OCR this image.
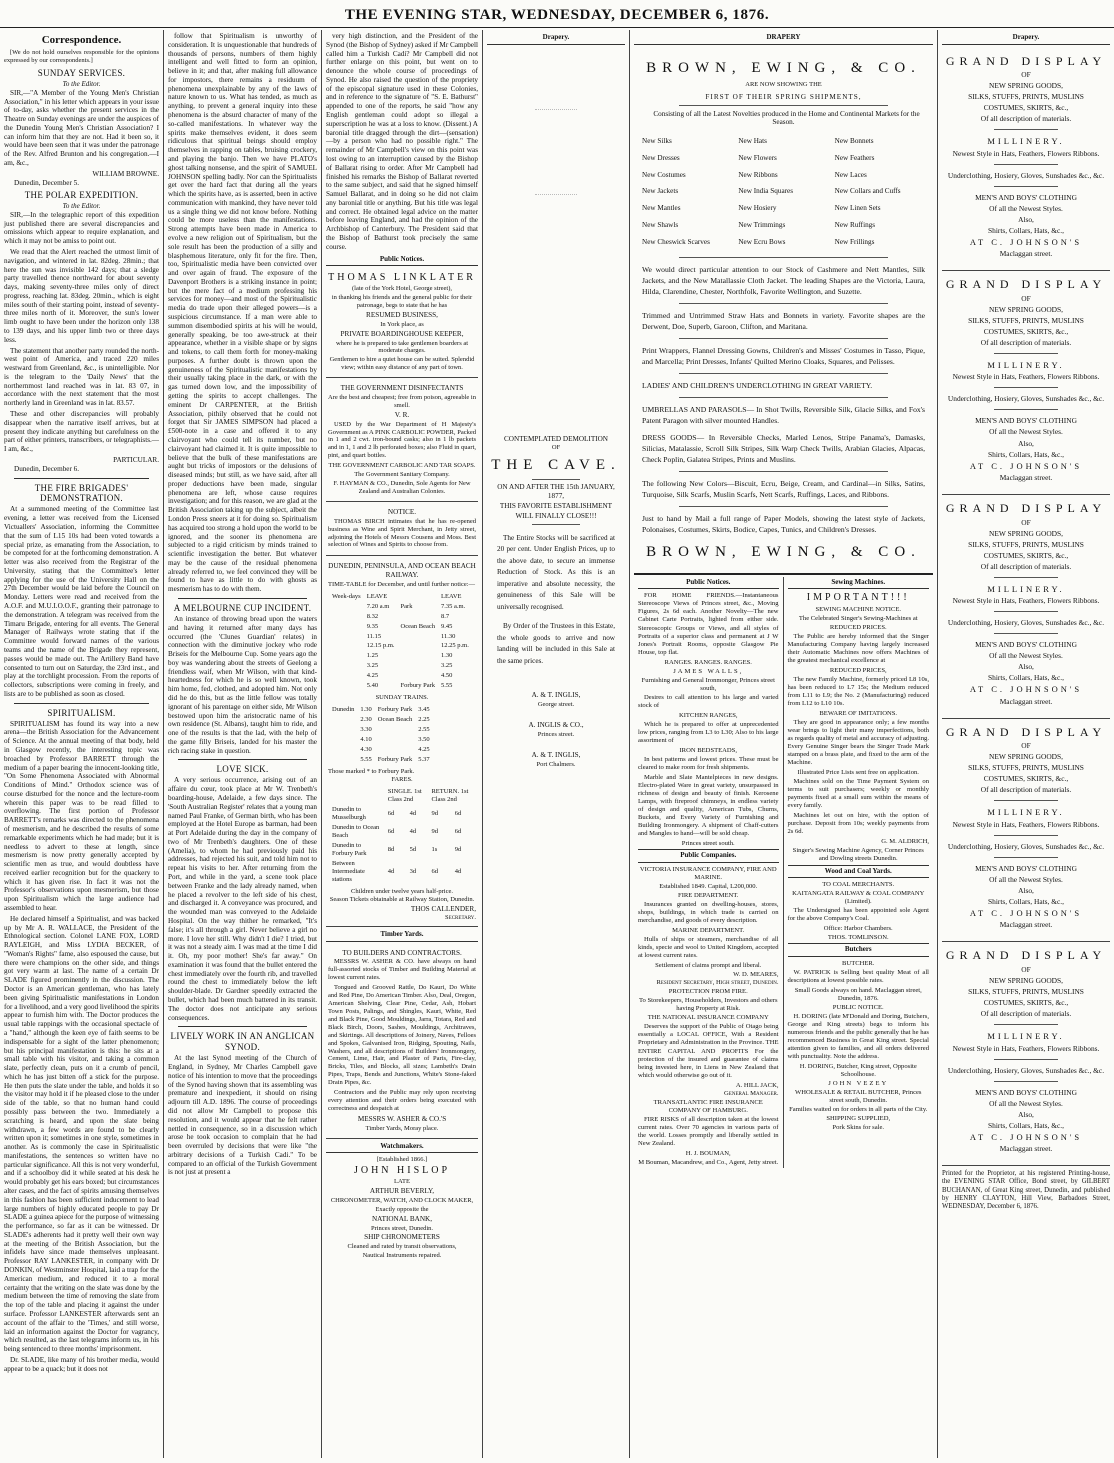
THE EVENING STAR, WEDNESDAY, DECEMBER 6, 1876.
Correspondence.

[We do not hold ourselves responsible for the opinions expressed by our correspondents.]

SUNDAY SERVICES.
To the Editor.

SIR,—"A Member of the Young Men's Christian Association," in his letter which appears in your issue of to-day, asks whether the present services in the Theatre on Sunday evenings are under the auspices of the Dunedin Young Men's Christian Association? I can inform him that they are not. Had it been so, it would have been seen that it was under the patronage of the Rev. Alfred Brunton and his congregation.—I am, &c.,

WILLIAM BROWNE.
Dunedin, December 5.
THE POLAR EXPEDITION.
To the Editor.

SIR,—In the telegraphic report of this expedition just published there are several discrepancies and omissions which appear to require explanation, and which it may not be amiss to point out.

We read that the Alert reached the utmost limit of navigation, and wintered in lat. 82deg. 28min.; that here the sun was invisible 142 days; that a sledge party travelled thence northward for about seventy days, making seventy-three miles only of direct progress, reaching lat. 83deg. 20min., which is eight miles south of their starting point, instead of seventy-three miles north of it. Moreover, the sun's lower limb ought to have been under the horizon only 138 to 139 days, and his upper limb two or three days less.

The statement that another party rounded the north-west point of America, and traced 220 miles westward from Greenland, &c., is unintelligible. Nor is the telegram to the 'Daily News' that the northernmost land reached was in lat. 83 07, in accordance with the next statement that the most northerly land in Greenland was in lat. 83.57.

These and other discrepancies will probably disappear when the narrative itself arrives, but at present they indicate anything but carefulness on the part of either printers, transcribers, or telegraphists.—I am, &c.,

PARTICULAR.
Dunedin, December 6.
THE FIRE BRIGADES' DEMONSTRATION.

At a summoned meeting of the Committee last evening, a letter was received from the Licensed Victuallers' Association, informing the Committee that the sum of L15 10s had been voted towards a special prize, as emanating from the Association, to be competed for at the forthcoming demonstration. A letter was also received from the Registrar of the University, stating that the Committee's letter applying for the use of the University Hall on the 27th December would be laid before the Council on Monday. Letters were read and received from the A.O.F. and M.U.I.O.O.F., granting their patronage to the demonstration. A telegram was received from the Timaru Brigade, entering for all events. The General Manager of Railways wrote stating that if the Committee would forward names of the various teams and the name of the Brigade they represent, passes would be made out. The Artillery Band have consented to turn out on Saturday, the 23rd inst., and play at the torchlight procession. From the reports of collectors, subscriptions were coming in freely, and lists are to be published as soon as closed.

SPIRITUALISM.

SPIRITUALISM has found its way into a new arena—the British Association for the Advancement of Science. At the annual meeting of that body, held in Glasgow recently, the interesting topic was broached by Professor BARRETT through the medium of a paper bearing the innocent-looking title, "On Some Phenomena Associated with Abnormal Conditions of Mind." Orthodox science was of course disturbed for the nonce and the lecture-room wherein this paper was to be read filled to overflowing. The first portion of Professor BARRETT's remarks was directed to the phenomena of mesmerism, and he described the results of some remarkable experiments which he had made; but it is needless to advert to these at length, since mesmerism is now pretty generally accepted by scientific men as true, and would doubtless have received earlier recognition but for the quackery to which it has given rise. In fact it was not the Professor's observations upon mesmerism, but those upon Spiritualism which the large audience had assembled to hear.

He declared himself a Spiritualist, and was backed up by Mr A. R. WALLACE, the President of the Ethnological section. Colonel LANE FOX, LORD RAYLEIGH, and Miss LYDIA BECKER, of "Woman's Rights" fame, also espoused the cause, but there were champions on the other side, and things got very warm at last. The name of a certain Dr SLADE figured prominently in the discussion. The Doctor is an American gentleman, who has lately been giving Spiritualistic manifestations in London for a livelihood, and a very good livelihood the spirits appear to furnish him with. The Doctor produces the usual table rappings with the occasional spectacle of a "hand," although the keen eye of faith seems to be indispensable for a sight of the latter phenomenon; but his principal manifestation is this: he sits at a small table with his visitor, and taking a common slate, perfectly clean, puts on it a crumb of pencil, which he has just bitten off a stick for the purpose. He then puts the slate under the table, and holds it so the visitor may hold it if he pleased close to the under side of the table, so that no human hand could possibly pass between the two. Immediately a scratching is heard, and upon the slate being withdrawn, a few words are found to be clearly written upon it; sometimes in one style, sometimes in another. As is commonly the case in Spiritualistic manifestations, the sentences so written have no particular significance. All this is not very wonderful, and if a schoolboy did it while seated at his desk he would probably get his ears boxed; but circumstances alter cases, and the fact of spirits amusing themselves in this fashion has been sufficient inducement to lead large numbers of highly educated people to pay Dr SLADE a guinea apiece for the purpose of witnessing the performance, so far as it can be witnessed. Dr SLADE's adherents had it pretty well their own way at the meeting of the British Association, but the infidels have since made themselves unpleasant. Professor RAY LANKESTER, in company with Dr DONKIN, of Westminster Hospital, laid a trap for the American medium, and reduced it to a moral certainty that the writing on the slate was done by the medium between the time of removing the slate from the top of the table and placing it against the under surface. Professor LANKESTER afterwards sent an account of the affair to the 'Times,' and still worse, laid an information against the Doctor for vagrancy, which resulted, as the last telegrams inform us, in his being sentenced to three months' imprisonment.

Dr. SLADE, like many of his brother media, would appear to be a quack; but it does not

follow that Spiritualism is unworthy of consideration. It is unquestionable that hundreds of thousands of persons, numbers of them highly intelligent and well fitted to form an opinion, believe in it; and that, after making full allowance for impostors, there remains a residuum of phenomena unexplainable by any of the laws of nature known to us. What has tended, as much as anything, to prevent a general inquiry into these phenomena is the absurd character of many of the so-called manifestations. In whatever way the spirits make themselves evident, it does seem ridiculous that spiritual beings should employ themselves in rapping on tables, bruising crockery, and playing the banjo. Then we have PLATO's ghost talking nonsense, and the spirit of SAMUEL JOHNSON spelling badly. Nor can the Spiritualists get over the hard fact that during all the years which the spirits have, as is asserted, been in active communication with mankind, they have never told us a single thing we did not know before. Nothing could be more useless than the manifestations. Strong attempts have been made in America to evolve a new religion out of Spiritualism, but the sole result has been the production of a silly and blasphemous literature, only fit for the fire. Then, too, Spiritualistic media have been convicted over and over again of fraud. The exposure of the Davenport Brothers is a striking instance in point; but the mere fact of a medium professing his services for money—and most of the Spiritualistic media do trade upon their alleged powers—is a suspicious circumstance. If a man were able to summon disembodied spirits at his will he would, generally speaking, be too awe-struck at their appearance, whether in a visible shape or by signs and tokens, to call them forth for money-making purposes. A further doubt is thrown upon the genuineness of the Spiritualistic manifestations by their usually taking place in the dark, or with the gas turned down low, and the impossibility of getting the spirits to accept challenges. The eminent Dr CARPENTER, at the British Association, pithily observed that he could not forget that Sir JAMES SIMPSON had placed a £500-note in a case and offered it to any clairvoyant who could tell its number, but no clairvoyant had claimed it. It is quite impossible to believe that the bulk of these manifestations are aught but tricks of impostors or the delusions of diseased minds; but still, as we have said, after all proper deductions have been made, singular phenomena are left, whose cause requires investigation; and for this reason, we are glad at the British Association taking up the subject, albeit the London Press sneers at it for doing so. Spiritualism has acquired too strong a hold upon the world to be ignored, and the sooner its phenomena are subjected to a rigid criticism by minds trained to scientific investigation the better. But whatever may be the cause of the residual phenomena already referred to, we feel convinced they will be found to have as little to do with ghosts as mesmerism has to do with them.

A MELBOURNE CUP INCIDENT.

An instance of throwing bread upon the waters and having it returned after many days has occurred (the 'Clunes Guardian' relates) in connection with the diminutive jockey who rode Briseis for the Melbourne Cup. Some years ago the boy was wandering about the streets of Geelong a friendless waif, when Mr Wilson, with that kind-heartedness for which he is so well known, took him home, fed, clothed, and adopted him. Not only did he do this, but as the little fellow was totally ignorant of his parentage on either side, Mr Wilson bestowed upon him the aristocratic name of his own residence (St. Albans), taught him to ride, and one of the results is that the lad, with the help of the game filly Briseis, landed for his master the rich racing stake in question.

LOVE SICK.

A very serious occurrence, arising out of an affaire du cœur, took place at Mr W. Trenbeth's boarding-house, Adelaide, a few days since. The 'South Australian Register' relates that a young man named Paul Franke, of German birth, who has been employed at the Hotel Europe as barman, had been at Port Adelaide during the day in the company of two of Mr Trenbeth's daughters. One of these (Amelia), to whom he had previously paid his addresses, had rejected his suit, and told him not to repeat his visits to her. After returning from the Port, and while in the yard, a scene took place between Franke and the lady already named, when he placed a revolver to the left side of his chest, and discharged it. A conveyance was procured, and the wounded man was conveyed to the Adelaide Hospital. On the way thither he remarked, "It's false; it's all through a girl. Never believe a girl no more. I love her still. Why didn't I die? I tried, but it was not a steady aim. I was mad at the time I did it. Oh, my poor mother! She's far away." On examination it was found that the bullet entered the chest immediately over the fourth rib, and travelled round the chest to immediately below the left shoulder-blade. Dr Gardner speedily extracted the bullet, which had been much battered in its transit. The doctor does not anticipate any serious consequences.

LIVELY WORK IN AN ANGLICAN SYNOD.

At the last Synod meeting of the Church of England, in Sydney, Mr Charles Campbell gave notice of his intention to move that the proceedings of the Synod having shown that its assembling was premature and inexpedient, it should on rising adjourn till A.D. 1896. The course of proceedings did not allow Mr Campbell to propose this resolution, and it would appear that he felt rather nettled in consequence, so in a discussion which arose he took occasion to complain that he had been overruled by decisions that were like "the arbitrary decisions of a Turkish Cadi." To be compared to an official of the Turkish Government is not just at present a

very high distinction, and the President of the Synod (the Bishop of Sydney) asked if Mr Campbell called him a Turkish Cadi? Mr Campbell did not further enlarge on this point, but went on to denounce the whole course of proceedings of Synod. He also raised the question of the propriety of the episcopal signature used in these Colonies, and in reference to the signature of "S. E. Bathurst" appended to one of the reports, he said "how any English gentleman could adopt so illegal a superscription he was at a loss to know. (Dissent.) A baronial title dragged through the dirt—(sensation)—by a person who had no possible right." The remainder of Mr Campbell's view on this point was lost owing to an interruption caused by the Bishop of Ballarat rising to order. After Mr Campbell had finished his remarks the Bishop of Ballarat reverted to the same subject, and said that he signed himself Samuel Ballarat, and in doing so he did not claim any baronial title or anything. But his title was legal and correct. He obtained legal advice on the matter before leaving England, and had the opinion of the Archbishop of Canterbury. The President said that the Bishop of Bathurst took precisely the same course.

Public Notices.
THOMAS LINKLATER
(late of the York Hotel, George street),
in thanking his friends and the general public for their patronage, begs to state that he has
RESUMED BUSINESS,
In York place, as
PRIVATE BOARDINGHOUSE KEEPER,
where he is prepared to take gentlemen boarders at moderate charges.
Gentlemen to hire a quiet house can be suited. Splendid view; within easy distance of any part of town.
THE GOVERNMENT DISINFECTANTS
Are the best and cheapest; free from poison, agreeable in smell.
V. R.

USED by the War Department of H Majesty's Government as A PINK CARBOLIC POWDER, Packed in 1 and 2 cwt. iron-bound casks; also in 1 lb packets and in 1, 1 and 2 lb perforated boxes; also Fluid in quart, pint, and quart bottles.

THE GOVERNMENT CARBOLIC AND TAR SOAPS.
The Government Sanitary Company.
F. HAYMAN & CO., Dunedin, Sole Agents for New Zealand and Australian Colonies.
NOTICE.

THOMAS BIRCH intimates that he has re-opened business as Wine and Spirit Merchant, in Jetty street, adjoining the Hotels of Messrs Cousens and Moss. Best selection of Wines and Spirits to choose from.

DUNEDIN, PENINSULA, AND OCEAN BEACH RAILWAY.
TIME-TABLE for December, and until further notice:—
Week-days	LEAVE		LEAVE
	7.20 a.m	Park	7.35 a.m.
	8.32		8.7
	9.35	Ocean Beach	9.45
	11.15		11.30
	12.15 p.m.		12.25 p.m.
	1.25		1.30
	3.25		3.25
	4.25		4.50
	5.40	Forbury Park	5.55
SUNDAY TRAINS.
Dunedin	1.30	Forbury Park	3.45
	2.30	Ocean Beach	2.25
	3.30		2.55
	4.10		3.50
	4.30		4.25
	5.55	Forbury Park	5.37
Those marked * to Forbury Park.
FARES.
	SINGLE. 1st Class 2nd		RETURN. 1st Class 2nd	
Dunedin to Musselburgh	6d	4d	9d	6d
Dunedin to Ocean Beach	6d	4d	9d	6d
Dunedin to Forbury Park	8d	5d	1s	9d
Between Intermediate stations	4d	3d	6d	4d
Children under twelve years half-price.
Season Tickets obtainable at Railway Station, Dunedin.
THOS CALLENDER,
Secretary.
Timber Yards.
TO BUILDERS AND CONTRACTORS.

MESSRS W. ASHER & CO. have always on hand full-assorted stocks of Timber and Building Material at lowest current rates.

Tongued and Grooved Rattle, Do Kauri, Do White and Red Pine, Do American Timber. Also, Deal, Oregon, American Shelving, Clear Pine, Cedar, Ash, Hobart Town Posts, Palings, and Shingles, Kauri, White, Red and Black Pine, Good Mouldings, Jarra, Totara, Red and Black Birch, Doors, Sashes, Mouldings, Architraves, and Skirtings. All descriptions of Joinery, Naves, Felloes and Spokes, Galvanised Iron, Ridging, Spouting, Nails, Washers, and all descriptions of Builders' Ironmongery, Cement, Lime, Hair, and Plaster of Paris, Fire-clay, Bricks, Tiles, and Blocks, all sizes; Lambeth's Drain Pipes, Traps, Bends and Junctions, White's Stone-faked Drain Pipes, &c.

Contractors and the Public may rely upon receiving every attention and their orders being executed with correctness and despatch at

MESSRS W. ASHER & CO.'S
Timber Yards, Moray place.
Watchmakers.
[Established 1866.]
JOHN HISLOP
LATE
ARTHUR BEVERLY,
CHRONOMETER, WATCH, AND CLOCK MAKER,
Exactly opposite the
NATIONAL BANK,
Princes street, Dunedin.
SHIP CHRONOMETERS
Cleaned and rated by transit observations,
Nautical Instruments repaired.
Drapery.
CONTEMPLATED DEMOLITION
OF
THE CAVE.
ON AND AFTER THE 15th JANUARY,
1877,
THIS FAVORITE ESTABLISHMENT
WILL FINALLY CLOSE!!!

The Entire Stocks will be sacrificed at 20 per cent. Under English Prices, up to the above date, to secure an immense Reduction of Stock. As this is an imperative and absolute necessity, the genuineness of this Sale will be universally recognised.

By Order of the Trustees in this Estate, the whole goods to arrive and now landing will be included in this Sale at the same prices.

A. & T. INGLIS,
George street.
A. INGLIS & CO.,
Princes street.
A. & T. INGLIS,
Port Chalmers.
DRAPERY
BROWN, EWING, & CO.
ARE NOW SHOWING THE
FIRST OF THEIR SPRING SHIPMENTS,

Consisting of all the Latest Novelties produced in the Home and Continental Markets for the Season.

New Silks	New Hats	New Bonnets
New Dresses	New Flowers	New Feathers
New Costumes	New Ribbons	New Laces
New Jackets	New India Squares	New Collars and Cuffs
New Mantles	New Hosiery	New Linen Sets
New Shawls	New Trimmings	New Ruffings
New Cheswick Scarves	New Ecru Bows	New Frillings
We would direct particular attention to our Stock of Cashmere and Nett Mantles, Silk Jackets, and the New Matallassie Cloth Jacket. The leading Shapes are the Victoria, Laura, Hilda, Clarendine, Chester, Northfolk, Favorite Wellington, and Suzette.
Trimmed and Untrimmed Straw Hats and Bonnets in variety. Favorite shapes are the Derwent, Doe, Superb, Garoon, Clifton, and Maritana.
Print Wrappers, Flannel Dressing Gowns, Children's and Misses' Costumes in Tasso, Pique, and Marcella; Print Dresses, Infants' Quilted Merino Cloaks, Squares, and Pelisses.
LADIES' AND CHILDREN'S UNDERCLOTHING IN GREAT VARIETY.
UMBRELLAS AND PARASOLS— In Shot Twills, Reversible Silk, Glacie Silks, and Fox's Patent Paragon with silver mounted Handles.
DRESS GOODS— In Reversible Checks, Marled Lenos, Stripe Panama's, Damasks, Silicias, Matalassie, Scroll Silk Stripes, Silk Warp Check Twills, Arabian Glacies, Alpacas, Check Poplin, Galatea Stripes, Prints and Muslins.
The following New Colors—Biscuit, Ecru, Beige, Cream, and Cardinal—in Silks, Satins, Turquoise, Silk Scarfs, Muslin Scarfs, Nett Scarfs, Ruffings, Laces, and Ribbons.
Just to hand by Mail a full range of Paper Models, showing the latest style of Jackets, Polonaises, Costumes, Skirts, Bodice, Capes, Tunics, and Children's Dresses.
BROWN, EWING, & CO.
Public Notices.

FOR HOME FRIENDS.—Instantaneous Stereoscope Views of Princes street, &c., Moving Figures, 2s 6d each. Another Novelty—The new Cabinet Carte Portraits, lighted from either side. Stereoscopic Groups or Views, and all styles of Portraits of a superior class and permanent at J W Jones's Portrait Rooms, opposite Glasgow Pie House, top flat.

RANGES. RANGES. RANGES.
JAMES WALLS,
Furnishing and General Ironmonger, Princes street south,

Desires to call attention to his large and varied stock of

KITCHEN RANGES,

Which he is prepared to offer at unprecedented low prices, ranging from L3 to L30; Also to his large assortment of

IRON BEDSTEADS,

In best patterns and lowest prices. These must be cleared to make room for fresh shipments.

Marble and Slate Mantelpieces in new designs. Electro-plated Ware in great variety, unsurpassed in richness of design and beauty of finish. Kerosene Lamps, with fireproof chimneys, in endless variety of design and quality, American Tubs, Churns, Buckets, and Every Variety of Furnishing and Building Ironmongery. A shipment of Chaff-cutters and Mangles to hand—will be sold cheap.

Princes street south.
Public Companies.
VICTORIA INSURANCE COMPANY, FIRE AND MARINE.
Established 1849. Capital, L200,000.
FIRE DEPARTMENT.

Insurances granted on dwelling-houses, stores, shops, buildings, in which trade is carried on merchandise, and goods of every description.

MARINE DEPARTMENT.

Hulls of ships or steamers, merchandise of all kinds, specie and wool to United Kingdom, accepted at lowest current rates.

Settlement of claims prompt and liberal.
W. D. MEARES,
Resident Secretary, High street, Dunedin.
PROTECTION FROM FIRE.
To Storekeepers, Householders, Investors and others having Property at Risk.
THE NATIONAL INSURANCE COMPANY

Deserves the support of the Public of Otago being essentially a LOCAL OFFICE, With a Resident Proprietary and Administration in the Province. THE ENTIRE CAPITAL AND PROFITS For the protection of the insured and guarantee of claims being invested here, in Liens in New Zealand that which would otherwise go out of it.

A. HILL JACK,
General Manager.
TRANSATLANTIC FIRE INSURANCE COMPANY OF HAMBURG.

FIRE RISKS of all description taken at the lowest current rates. Over 70 agencies in various parts of the world. Losses promptly and liberally settled in New Zealand.

H. J. BOUMAN,
M Bouman, Macandrew, and Co., Agent, Jetty street.
Sewing Machines.
IMPORTANT!!!
SEWING MACHINE NOTICE.
The Celebrated Singer's Sewing-Machines at
REDUCED PRICES.

The Public are hereby informed that the Singer Manufacturing Company having largely increased their Automatic Machines now offers Machines of the greatest mechanical excellence at

REDUCED PRICES,

The new Family Machine, formerly priced L8 10s, has been reduced to L7 15s; the Medium reduced from L11 to L9; the No. 2 (Manufacturing) reduced from L12 to L10 10s.

BEWARE OF IMITATIONS.

They are good in appearance only; a few months wear brings to light their many imperfections, both as regards quality of metal and accuracy of adjusting. Every Genuine Singer bears the Singer Trade Mark stamped on a brass plate, and fixed to the arm of the Machine.

Illustrated Price Lists sent free on application.

Machines sold on the Time Payment System on terms to suit purchasers; weekly or monthly payments fixed at a small sum within the means of every family.

Machines let out on hire, with the option of purchase. Deposit from 10s; weekly payments from 2s 6d.

G. M. ALDRICH,
Singer's Sewing Machine Agency, Corner Princes and Dowling streets Dunedin.
Wood and Coal Yards.
TO COAL MERCHANTS.
KAITANGATA RAILWAY & COAL COMPANY (Limited).

The Undersigned has been appointed sole Agent for the above Company's Coal.

Office: Harbor Chambers.
THOS. TOMLINSON.
Butchers
BUTCHER.

W. PATRICK is Selling best quality Meat of all descriptions at lowest possible rates.

Small Goods always on hand. Maclaggan street, Dunedin, 1876.
PUBLIC NOTICE.

H. DORING (late M'Donald and Doring, Butchers, George and King streets) begs to inform his numerous friends and the public generally that he has recommenced Business in Great King street. Special attention given to families, and all orders delivered with punctuality. Note the address.

H. DORING, Butcher, King street, Opposite Schoolhouse.
JOHN VEZEY
WHOLESALE & RETAIL BUTCHER, Princes street south, Dunedin.
Families waited on for orders in all parts of the City.
SHIPPING SUPPLIED,
Pork Skins for sale.
Drapery.
GRAND DISPLAY
OF
NEW SPRING GOODS,
SILKS, STUFFS, PRINTS, MUSLINS
COSTUMES, SKIRTS, &c.,
Of all description of materials.
MILLINERY.
Newest Style in Hats, Feathers, Flowers Ribbons.
Underclothing, Hosiery, Gloves, Sunshades &c., &c.
MEN'S AND BOYS' CLOTHING
Of all the Newest Styles.
Also,
Shirts, Collars, Hats, &c.,
AT C. JOHNSON'S
Maclaggan street.
GRAND DISPLAY
OF
NEW SPRING GOODS,
SILKS, STUFFS, PRINTS, MUSLINS
COSTUMES, SKIRTS, &c.,
Of all description of materials.
MILLINERY.
Newest Style in Hats, Feathers, Flowers Ribbons.
Underclothing, Hosiery, Gloves, Sunshades &c., &c.
MEN'S AND BOYS' CLOTHING
Of all the Newest Styles.
Also,
Shirts, Collars, Hats, &c.,
AT C. JOHNSON'S
Maclaggan street.
GRAND DISPLAY
OF
NEW SPRING GOODS,
SILKS, STUFFS, PRINTS, MUSLINS
COSTUMES, SKIRTS, &c.,
Of all description of materials.
MILLINERY.
Newest Style in Hats, Feathers, Flowers Ribbons.
Underclothing, Hosiery, Gloves, Sunshades &c., &c.
MEN'S AND BOYS' CLOTHING
Of all the Newest Styles.
Also,
Shirts, Collars, Hats, &c.,
AT C. JOHNSON'S
Maclaggan street.
GRAND DISPLAY
OF
NEW SPRING GOODS,
SILKS, STUFFS, PRINTS, MUSLINS
COSTUMES, SKIRTS, &c.,
Of all description of materials.
MILLINERY.
Newest Style in Hats, Feathers, Flowers Ribbons.
Underclothing, Hosiery, Gloves, Sunshades &c., &c.
MEN'S AND BOYS' CLOTHING
Of all the Newest Styles.
Also,
Shirts, Collars, Hats, &c.,
AT C. JOHNSON'S
Maclaggan street.
GRAND DISPLAY
OF
NEW SPRING GOODS,
SILKS, STUFFS, PRINTS, MUSLINS
COSTUMES, SKIRTS, &c.,
Of all description of materials.
MILLINERY.
Newest Style in Hats, Feathers, Flowers Ribbons.
Underclothing, Hosiery, Gloves, Sunshades &c., &c.
MEN'S AND BOYS' CLOTHING
Of all the Newest Styles.
Also,
Shirts, Collars, Hats, &c.,
AT C. JOHNSON'S
Maclaggan street.
Printed for the Proprietor, at his registered Printing-house, the EVENING STAR Office, Bond street, by GILBERT BUCHANAN, of Great King street, Dunedin, and published by HENRY CLAYTON, Hill View, Barbadoes Street, WEDNESDAY, December 6, 1876.
